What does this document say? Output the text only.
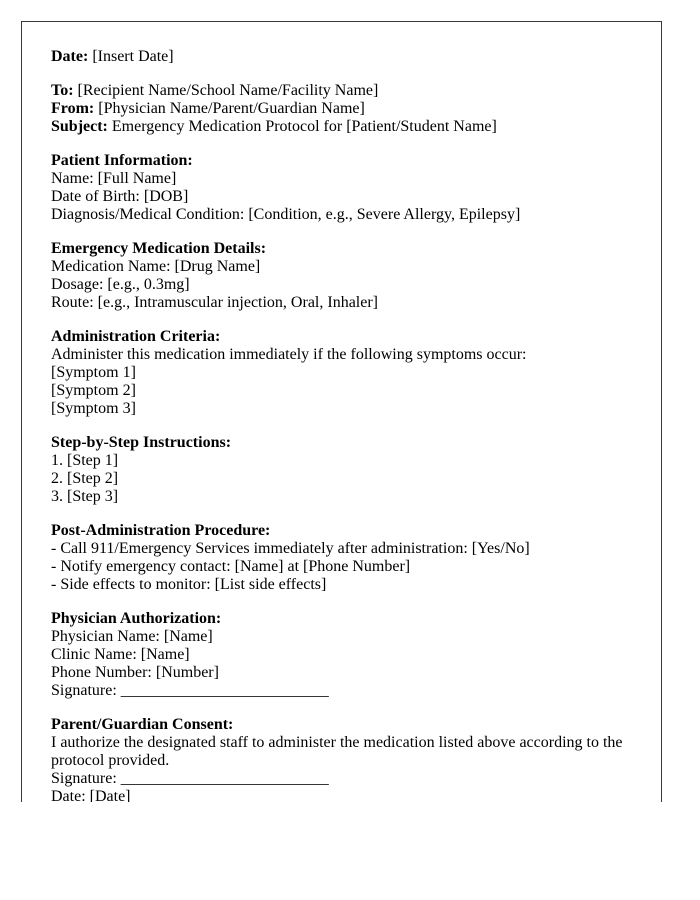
Date: [Insert Date]

To: [Recipient Name/School Name/Facility Name]
From: [Physician Name/Parent/Guardian Name]
Subject: Emergency Medication Protocol for [Patient/Student Name]

Patient Information:
Name: [Full Name]
Date of Birth: [DOB]
Diagnosis/Medical Condition: [Condition, e.g., Severe Allergy, Epilepsy]

Emergency Medication Details:
Medication Name: [Drug Name]
Dosage: [e.g., 0.3mg]
Route: [e.g., Intramuscular injection, Oral, Inhaler]

Administration Criteria:
Administer this medication immediately if the following symptoms occur:
[Symptom 1]
[Symptom 2]
[Symptom 3]

Step-by-Step Instructions:
1. [Step 1]
2. [Step 2]
3. [Step 3]

Post-Administration Procedure:
- Call 911/Emergency Services immediately after administration: [Yes/No]
- Notify emergency contact: [Name] at [Phone Number]
- Side effects to monitor: [List side effects]

Physician Authorization:
Physician Name: [Name]
Clinic Name: [Name]
Phone Number: [Number]
Signature: __________________________

Parent/Guardian Consent:
I authorize the designated staff to administer the medication listed above according to the protocol provided.
Signature: __________________________
Date: [Date]
